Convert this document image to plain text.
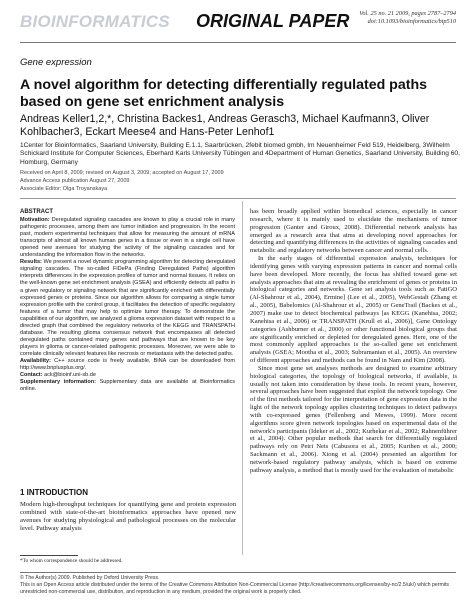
BIOINFORMATICS ORIGINAL PAPER	Vol. 25 no. 21 2009, pages 2787–2794
doi:10.1093/bioinformatics/btp510
Gene expression
A novel algorithm for detecting differentially regulated paths based on gene set enrichment analysis
Andreas Keller1,2,*, Christina Backes1, Andreas Gerasch3, Michael Kaufmann3, Oliver Kohlbacher3, Eckart Meese4 and Hans-Peter Lenhof1
1Center for Bioinformatics, Saarland University, Building E.1.1, Saarbrücken, 2febit biomed gmbh, Im Neuenheimer Feld 519, Heidelberg, 3Wilhelm Schickard Institute for Computer Sciences, Eberhard Karls University Tübingen and 4Department of Human Genetics, Saarland University, Building 60, Homburg, Germany
Received on April 8, 2009; revised on August 3, 2009; accepted on August 17, 2009
Advance Access publication August 27, 2009
Associate Editor: Olga Troyanskaya

ABSTRACT

Motivation: Deregulated signaling cascades are known to play a crucial role in many pathogenic processes, among them are tumor initiation and progression. In the recent past, modern experimental techniques that allow for measuring the amount of mRNA transcripts of almost all known human genes in a tissue or even in a single cell have opened new avenues for studying the activity of the signaling cascades and for understanding the information flow in the networks.

Results: We present a novel dynamic programming algorithm for detecting deregulated signaling cascades. The so-called FiDePa (Finding Deregulated Paths) algorithm interprets differences in the expression profiles of tumor and normal tissues. It relies on the well-known gene set enrichment analysis (GSEA) and efficiently detects all paths in a given regulatory or signaling network that are significantly enriched with differentially expressed genes or proteins. Since our algorithm allows for comparing a single tumor expression profile with the control group, it facilitates the detection of specific regulatory features of a tumor that may help to optimize tumor therapy. To demonstrate the capabilities of our algorithm, we analyzed a glioma expression dataset with respect to a directed graph that combined the regulatory networks of the KEGG and TRANSPATH database. The resulting glioma consensus network that encompasses all detected deregulated paths contained many genes and pathways that are known to be key players in glioma or cancer-related pathogenic processes. Moreover, we were able to correlate clinically relevant features like necrosis or metastasis with the detected paths.

Availability: C++ source code is freely available, BiNA can be downloaded from http://www.bnplusplus.org/.

Contact: ack@bioinf.uni-sb.de

Supplementary information: Supplementary data are available at Bioinformatics online.

1 INTRODUCTION

Modern high-throughput techniques for quantifying gene and protein expression combined with state-of-the-art bioinformatics approaches have opened new avenues for studying physiological and pathological processes on the molecular level. Pathway analysis

*To whom correspondence should be addressed.

has been broadly applied within biomedical sciences, especially in cancer research, where it is mainly used to elucidate the mechanisms of tumor progression (Ganter and Giroux, 2008). Differential network analysis has emerged as a research area that aims at developing novel approaches for detecting and quantifying differences in the activities of signaling cascades and metabolic and regulatory networks between cancer and normal cells.

In the early stages of differential expression analysis, techniques for identifying genes with varying expression patterns in cancer and normal cells have been developed. More recently, the focus has shifted toward gene set analysis approaches that aim at revealing the enrichment of genes or proteins in biological categories and networks. Gene set analysis tools such as FatiGO (Al-Shahrour et al., 2004), Ermine] (Lee et al., 2005), WebGestalt (Zhang et al., 2005), Babelomics (Al-Shahrour et al., 2005) or GeneTrail (Backes et al., 2007) make use to detect biochemical pathways [as KEGG (Kanehisa, 2002; Kanehisa et al., 2006) or TRANSPATH (Krull et al., 2006)], Gene Ontology categories (Ashburner et al., 2000) or other functional biological groups that are significantly enriched or depleted for deregulated genes. Here, one of the most commonly applied approaches is the so-called gene set enrichment analysis (GSEA; Mootha et al., 2003; Subramanian et al., 2005). An overview of different approaches and methods can be found in Nam and Kim (2008).

Since most gene set analyses methods are designed to examine arbitrary biological categories, the topology of biological networks, if available, is usually not taken into consideration by these tools. In recent years, however, several approaches have been suggested that exploit the network topology. One of the first methods tailored for the interpretation of gene expression data in the light of the network topology applies clustering techniques to detect pathways with co-expressed genes (Fellenberg and Mewes, 1999). More recent algorithms score given network topologies based on experimental data of the network's participants (Ideker et al., 2002; Kurhekar et al., 2002; Rahnenführer et al., 2004). Other popular methods that search for differentially regulated pathways rely on Petri Nets (Cabusora et al., 2005; Kurthen et al., 2000; Sackmann et al., 2006). Xiong et al. (2004) presented an algorithm for network-based regulatory pathway analysis, which is based on extreme pathway analysis, a method that is mostly used for the evaluation of metabolic

© The Author(s) 2009. Published by Oxford University Press.

This is an Open Access article distributed under the terms of the Creative Commons Attribution Non-Commercial License (http://creativecommons.org/licenses/by-nc/2.5/uk/) which permits unrestricted non-commercial use, distribution, and reproduction in any medium, provided the original work is properly cited.
